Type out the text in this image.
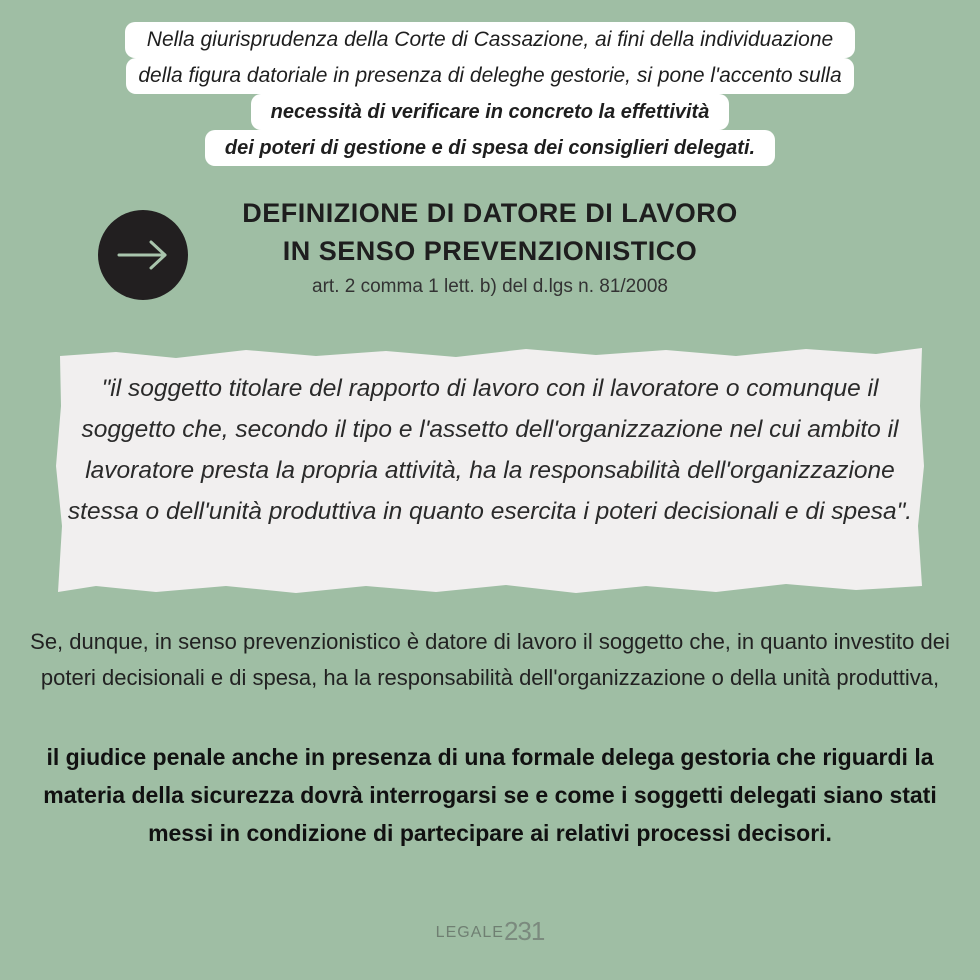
Nella giurisprudenza della Corte di Cassazione, ai fini della individuazione
della figura datoriale in presenza di deleghe gestorie, si pone l'accento sulla
necessità di verificare in concreto la effettività
dei poteri di gestione e di spesa dei consiglieri delegati.
DEFINIZIONE DI DATORE DI LAVORO
IN SENSO PREVENZIONISTICO
art. 2 comma 1 lett. b) del d.lgs n. 81/2008

"il soggetto titolare del rapporto di lavoro con il lavoratore o comunque il soggetto che, secondo il tipo e l'assetto dell'organizzazione nel cui ambito il lavoratore presta la propria attività, ha la responsabilità dell'organizzazione stessa o dell'unità produttiva in quanto esercita i poteri decisionali e di spesa".

Se, dunque, in senso prevenzionistico è datore di lavoro il soggetto che, in quanto investito dei poteri decisionali e di spesa, ha la responsabilità dell'organizzazione o della unità produttiva,

il giudice penale anche in presenza di una formale delega gestoria che riguardi la materia della sicurezza dovrà interrogarsi se e come i soggetti delegati siano stati messi in condizione di partecipare ai relativi processi decisori.

LEGALE231
